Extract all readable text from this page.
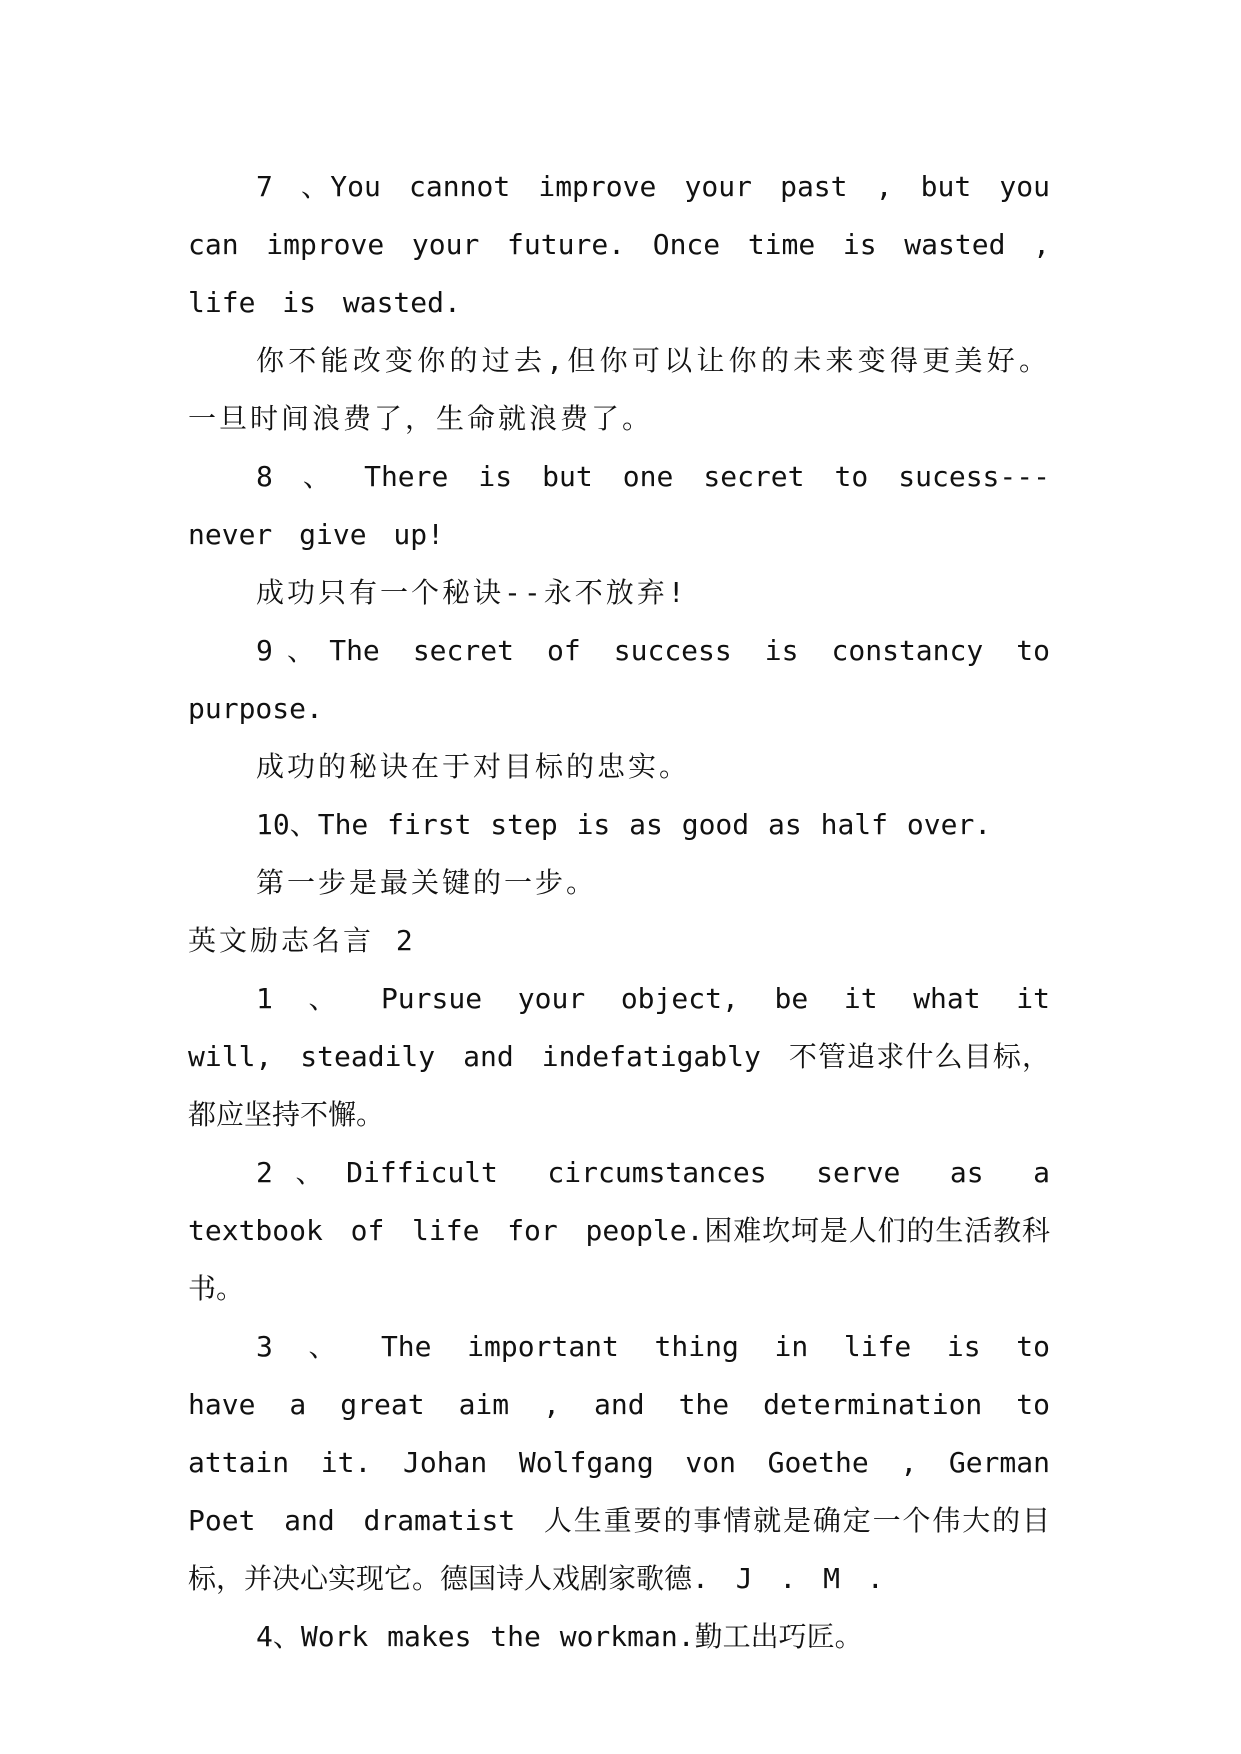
7 、You cannot improve your past , but you can improve your future. Once time is wasted , life is wasted.

你不能改变你的过去,但你可以让你的未来变得更美好。一旦时间浪费了，生命就浪费了。

8 、 There is but one secret to sucess---never give up!

成功只有一个秘诀--永不放弃!

9、The secret of success is constancy to purpose.

成功的秘诀在于对目标的忠实。

10、The first step is as good as half over.

第一步是最关键的一步。

英文励志名言 2

1 、 Pursue your object, be it what it will, steadily and indefatigably 不管追求什么目标，都应坚持不懈。

2、Difficult circumstances serve as a textbook of life for people.困难坎坷是人们的生活教科书。

3 、 The important thing in life is to have a great aim , and the determination to attain it. Johan Wolfgang von Goethe , German Poet and dramatist 人生重要的事情就是确定一个伟大的目标，并决心实现它。德国诗人戏剧家歌德. J . M .

4、Work makes the workman.勤工出巧匠。
